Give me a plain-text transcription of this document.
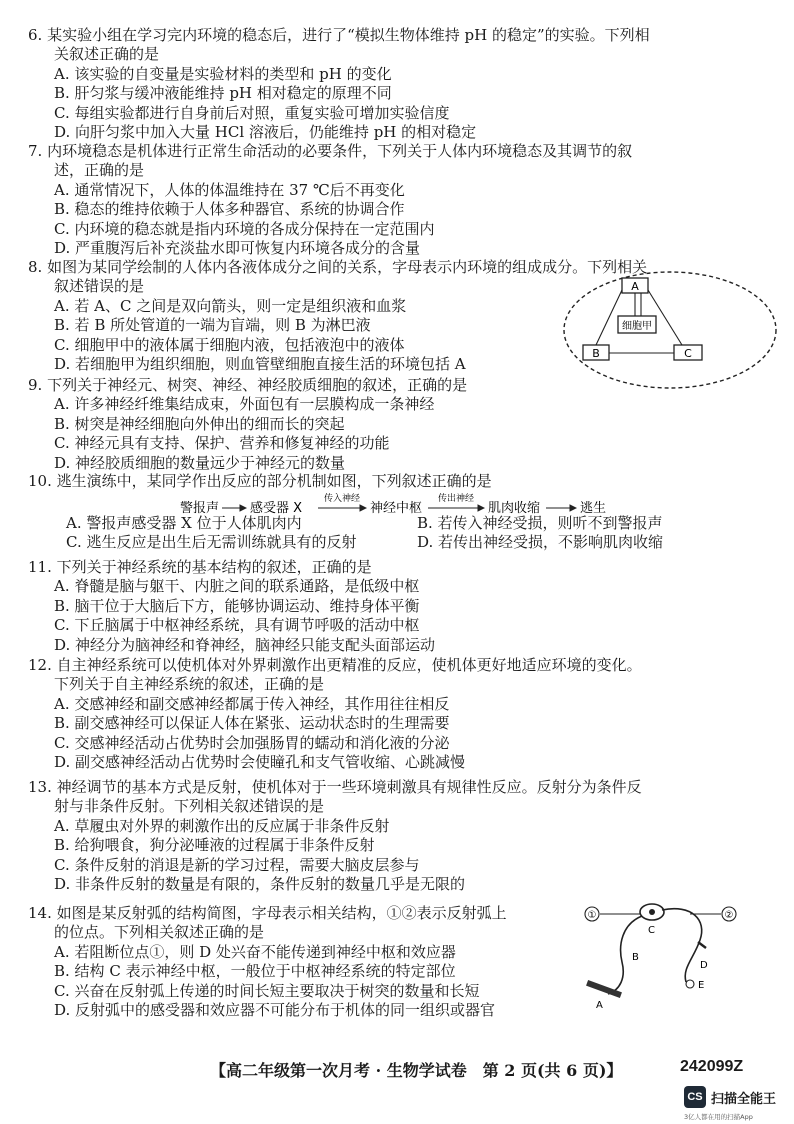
6. 某实验小组在学习完内环境的稳态后，进行了“模拟生物体维持 pH 的稳定”的实验。下列相
关叙述正确的是
A. 该实验的自变量是实验材料的类型和 pH 的变化
B. 肝匀浆与缓冲液能维持 pH 相对稳定的原理不同
C. 每组实验都进行自身前后对照，重复实验可增加实验信度
D. 向肝匀浆中加入大量 HCl 溶液后，仍能维持 pH 的相对稳定
7. 内环境稳态是机体进行正常生命活动的必要条件，下列关于人体内环境稳态及其调节的叙
述，正确的是
A. 通常情况下，人体的体温维持在 37 ℃后不再变化
B. 稳态的维持依赖于人体多种器官、系统的协调合作
C. 内环境的稳态就是指内环境的各成分保持在一定范围内
D. 严重腹泻后补充淡盐水即可恢复内环境各成分的含量
8. 如图为某同学绘制的人体内各液体成分之间的关系，字母表示内环境的组成成分。下列相关
叙述错误的是
A. 若 A、C 之间是双向箭头，则一定是组织液和血浆
B. 若 B 所处管道的一端为盲端，则 B 为淋巴液
C. 细胞甲中的液体属于细胞内液，包括液泡中的液体
D. 若细胞甲为组织细胞，则血管壁细胞直接生活的环境包括 A
A
B	C
细胞甲
9. 下列关于神经元、树突、神经、神经胶质细胞的叙述，正确的是
A. 许多神经纤维集结成束，外面包有一层膜构成一条神经
B. 树突是神经细胞向外伸出的细而长的突起
C. 神经元具有支持、保护、营养和修复神经的功能
D. 神经胶质细胞的数量远少于神经元的数量
10. 逃生演练中，某同学作出反应的部分机制如图，下列叙述正确的是
警报声 感受器 X
传入神经
神经中枢
传出神经
肌肉收缩	逃生
A. 警报声感受器 X 位于人体肌肉内	B. 若传入神经受损，则听不到警报声
C. 逃生反应是出生后无需训练就具有的反射	D. 若传出神经受损，不影响肌肉收缩
11. 下列关于神经系统的基本结构的叙述，正确的是
A. 脊髓是脑与躯干、内脏之间的联系通路，是低级中枢
B. 脑干位于大脑后下方，能够协调运动、维持身体平衡
C. 下丘脑属于中枢神经系统，具有调节呼吸的活动中枢
D. 神经分为脑神经和脊神经，脑神经只能支配头面部运动
12. 自主神经系统可以使机体对外界刺激作出更精准的反应，使机体更好地适应环境的变化。
下列关于自主神经系统的叙述，正确的是
A. 交感神经和副交感神经都属于传入神经，其作用往往相反
B. 副交感神经可以保证人体在紧张、运动状态时的生理需要
C. 交感神经活动占优势时会加强肠胃的蠕动和消化液的分泌
D. 副交感神经活动占优势时会使瞳孔和支气管收缩、心跳减慢
13. 神经调节的基本方式是反射，使机体对于一些环境刺激具有规律性反应。反射分为条件反
射与非条件反射。下列相关叙述错误的是
A. 草履虫对外界的刺激作出的反应属于非条件反射
B. 给狗喂食，狗分泌唾液的过程属于非条件反射
C. 条件反射的消退是新的学习过程，需要大脑皮层参与
D. 非条件反射的数量是有限的，条件反射的数量几乎是无限的
14. 如图是某反射弧的结构简图，字母表示相关结构，①②表示反射弧上
的位点。下列相关叙述正确的是
A. 若阻断位点①，则 D 处兴奋不能传递到神经中枢和效应器
B. 结构 C 表示神经中枢，一般位于中枢神经系统的特定部位
C. 兴奋在反射弧上传递的时间长短主要取决于树突的数量和长短
D. 反射弧中的感受器和效应器不可能分布于机体的同一组织或器官
①	②
C
B
A
D
E
【高二年级第一次月考 · 生物学试卷　第 2 页(共 6 页)】	242099Z
CS 扫描全能王
3亿人都在用的扫描App
